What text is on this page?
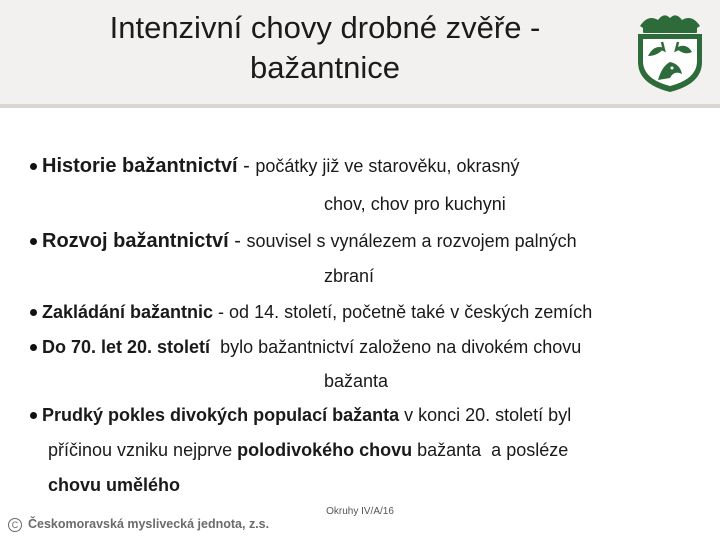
Intenzivní chovy drobné zvěře -
bažantnice
Historie bažantnictví - počátky již ve starověku, okrasný
chov, chov pro kuchyni
Rozvoj bažantnictví - souvisel s vynálezem a rozvojem palných
zbraní
Zakládání bažantnic - od 14. století, početně také v českých zemích
Do 70. let 20. století  bylo bažantnictví založeno na divokém chovu
bažanta
Prudký pokles divokých populací bažanta v konci 20. století byl
příčinou vzniku nejprve polodivokého chovu bažanta  a posléze
chovu umělého
Okruhy IV/A/16
C Českomoravská myslivecká jednota, z.s.
